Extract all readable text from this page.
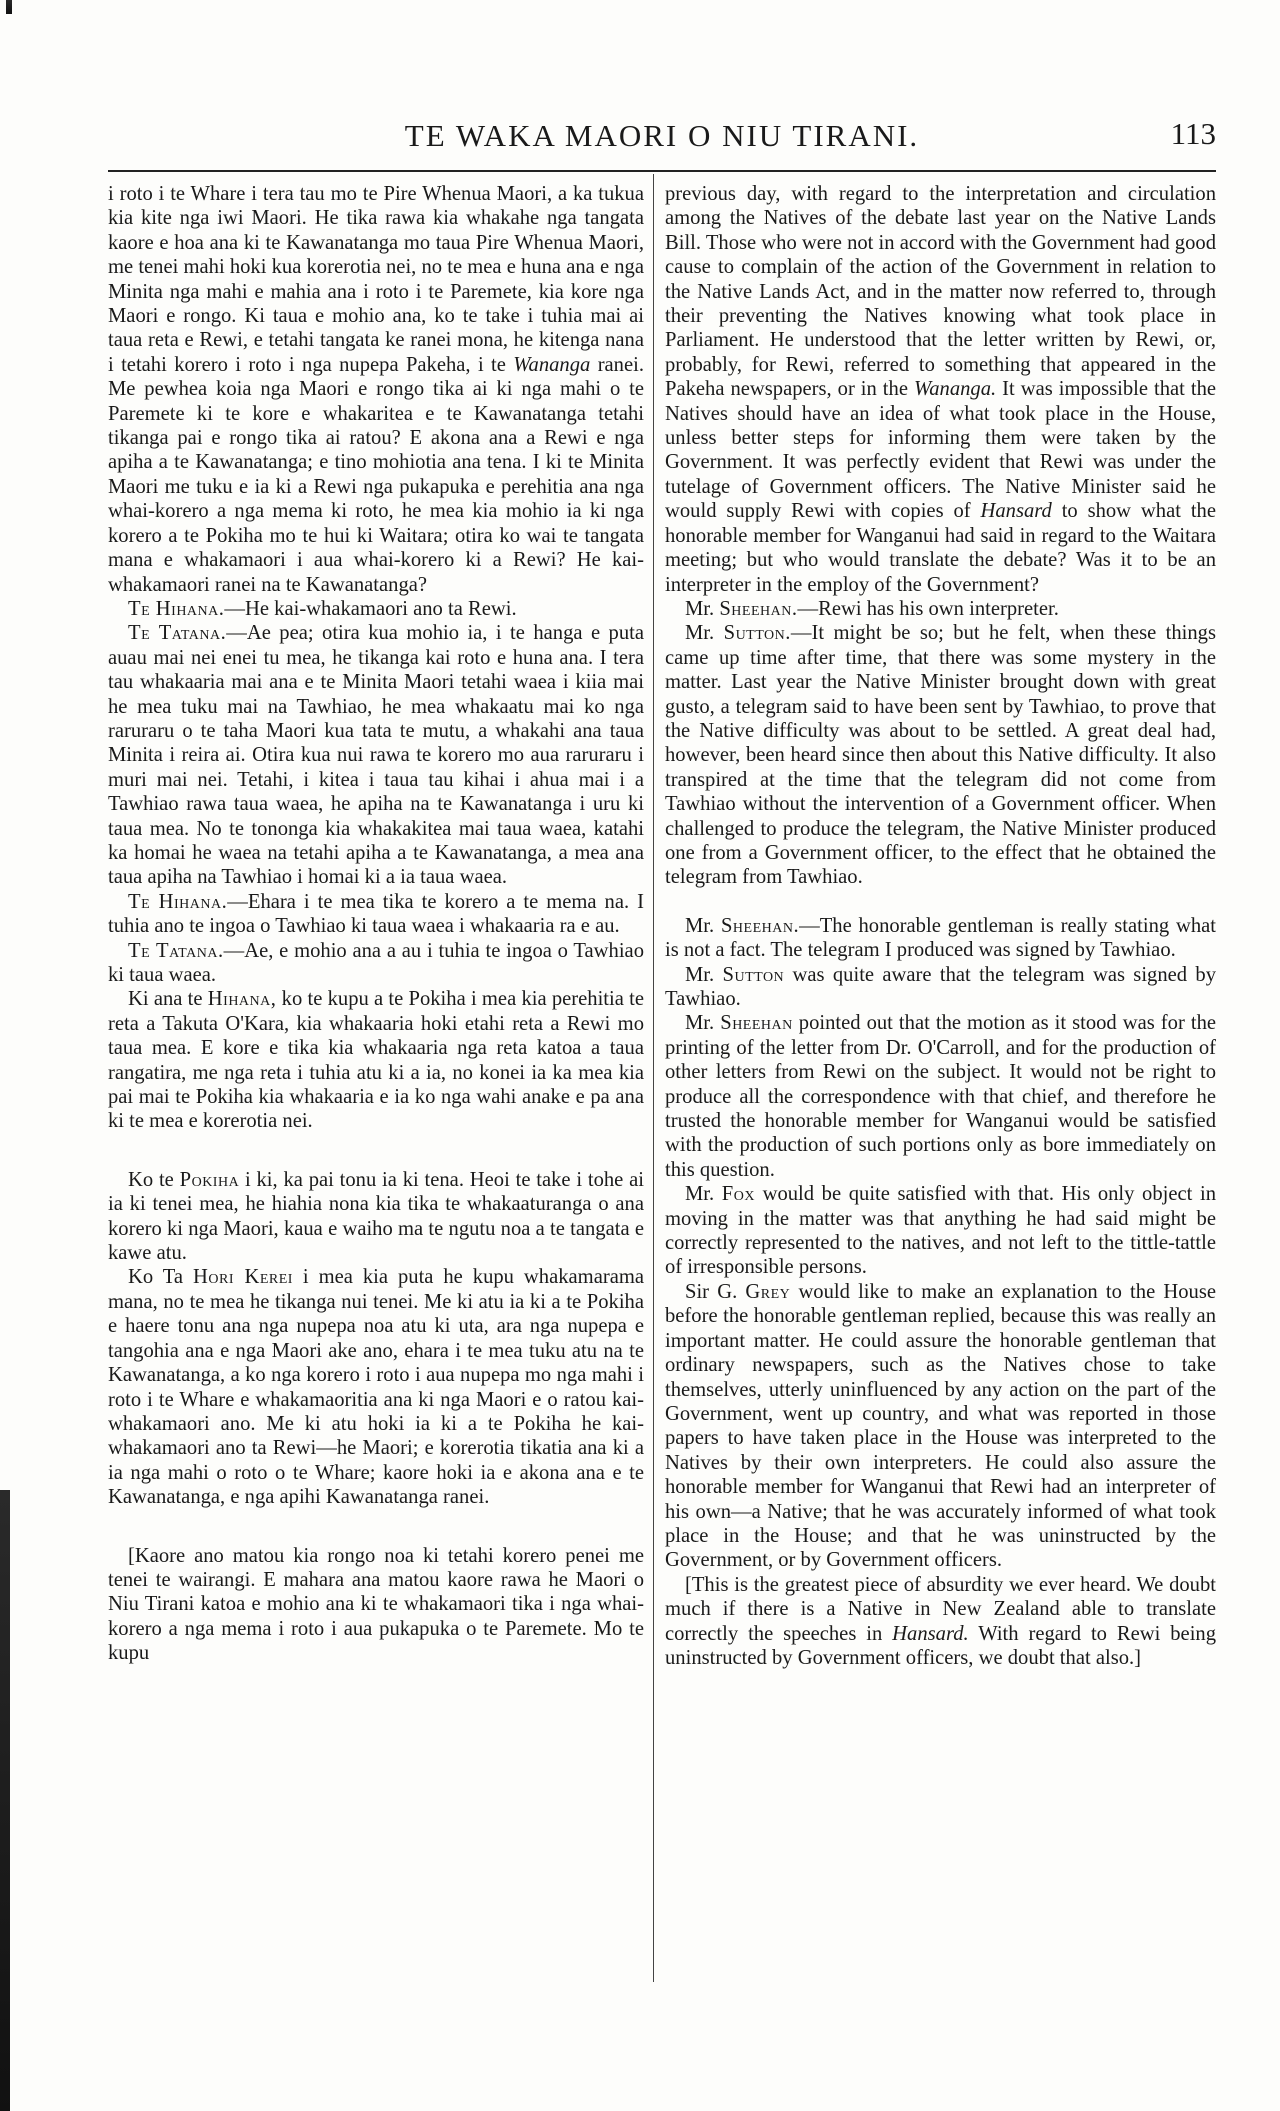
TE WAKA MAORI O NIU TIRANI.	113

i roto i te Whare i tera tau mo te Pire Whenua Maori, a ka tukua kia kite nga iwi Maori. He tika rawa kia whakahe nga tangata kaore e hoa ana ki te Kawanatanga mo taua Pire Whenua Maori, me tenei mahi hoki kua korerotia nei, no te mea e huna ana e nga Minita nga mahi e mahia ana i roto i te Paremete, kia kore nga Maori e rongo. Ki taua e mohio ana, ko te take i tuhia mai ai taua reta e Rewi, e tetahi tangata ke ranei mona, he kitenga nana i tetahi korero i roto i nga nupepa Pakeha, i te Wananga ranei. Me pewhea koia nga Maori e rongo tika ai ki nga mahi o te Paremete ki te kore e whakaritea e te Kawanatanga tetahi tikanga pai e rongo tika ai ratou? E akona ana a Rewi e nga apiha a te Kawanatanga; e tino mohiotia ana tena. I ki te Minita Maori me tuku e ia ki a Rewi nga pukapuka e perehitia ana nga whai-korero a nga mema ki roto, he mea kia mohio ia ki nga korero a te Pokiha mo te hui ki Waitara; otira ko wai te tangata mana e whakamaori i aua whai-korero ki a Rewi? He kai-whakamaori ranei na te Kawanatanga?

Te Hihana.—He kai-whakamaori ano ta Rewi.

Te Tatana.—Ae pea; otira kua mohio ia, i te hanga e puta auau mai nei enei tu mea, he tikanga kai roto e huna ana. I tera tau whakaaria mai ana e te Minita Maori tetahi waea i kiia mai he mea tuku mai na Tawhiao, he mea whakaatu mai ko nga raruraru o te taha Maori kua tata te mutu, a whakahi ana taua Minita i reira ai. Otira kua nui rawa te korero mo aua raruraru i muri mai nei. Tetahi, i kitea i taua tau kihai i ahua mai i a Tawhiao rawa taua waea, he apiha na te Kawanatanga i uru ki taua mea. No te tononga kia whakakitea mai taua waea, katahi ka homai he waea na tetahi apiha a te Kawanatanga, a mea ana taua apiha na Tawhiao i homai ki a ia taua waea.

Te Hihana.—Ehara i te mea tika te korero a te mema na. I tuhia ano te ingoa o Tawhiao ki taua waea i whakaaria ra e au.

Te Tatana.—Ae, e mohio ana a au i tuhia te ingoa o Tawhiao ki taua waea.

Ki ana te Hihana, ko te kupu a te Pokiha i mea kia perehitia te reta a Takuta O'Kara, kia whakaaria hoki etahi reta a Rewi mo taua mea. E kore e tika kia whakaaria nga reta katoa a taua rangatira, me nga reta i tuhia atu ki a ia, no konei ia ka mea kia pai mai te Pokiha kia whakaaria e ia ko nga wahi anake e pa ana ki te mea e korerotia nei.

Ko te Pokiha i ki, ka pai tonu ia ki tena. Heoi te take i tohe ai ia ki tenei mea, he hiahia nona kia tika te whakaaturanga o ana korero ki nga Maori, kaua e waiho ma te ngutu noa a te tangata e kawe atu.

Ko Ta Hori Kerei i mea kia puta he kupu whakamarama mana, no te mea he tikanga nui tenei. Me ki atu ia ki a te Pokiha e haere tonu ana nga nupepa noa atu ki uta, ara nga nupepa e tangohia ana e nga Maori ake ano, ehara i te mea tuku atu na te Kawanatanga, a ko nga korero i roto i aua nupepa mo nga mahi i roto i te Whare e whakamaoritia ana ki nga Maori e o ratou kai-whakamaori ano. Me ki atu hoki ia ki a te Pokiha he kai-whakamaori ano ta Rewi—he Maori; e korerotia tikatia ana ki a ia nga mahi o roto o te Whare; kaore hoki ia e akona ana e te Kawanatanga, e nga apihi Kawanatanga ranei.

[Kaore ano matou kia rongo noa ki tetahi korero penei me tenei te wairangi. E mahara ana matou kaore rawa he Maori o Niu Tirani katoa e mohio ana ki te whakamaori tika i nga whai-korero a nga mema i roto i aua pukapuka o te Paremete. Mo te kupu

previous day, with regard to the interpretation and circulation among the Natives of the debate last year on the Native Lands Bill. Those who were not in accord with the Government had good cause to complain of the action of the Government in relation to the Native Lands Act, and in the matter now referred to, through their preventing the Natives knowing what took place in Parliament. He understood that the letter written by Rewi, or, probably, for Rewi, referred to something that appeared in the Pakeha newspapers, or in the Wananga. It was impossible that the Natives should have an idea of what took place in the House, unless better steps for informing them were taken by the Government. It was perfectly evident that Rewi was under the tutelage of Government officers. The Native Minister said he would supply Rewi with copies of Hansard to show what the honorable member for Wanganui had said in regard to the Waitara meeting; but who would translate the debate? Was it to be an interpreter in the employ of the Government?

Mr. Sheehan.—Rewi has his own interpreter.

Mr. Sutton.—It might be so; but he felt, when these things came up time after time, that there was some mystery in the matter. Last year the Native Minister brought down with great gusto, a telegram said to have been sent by Tawhiao, to prove that the Native difficulty was about to be settled. A great deal had, however, been heard since then about this Native difficulty. It also transpired at the time that the telegram did not come from Tawhiao without the intervention of a Government officer. When challenged to produce the telegram, the Native Minister produced one from a Government officer, to the effect that he obtained the telegram from Tawhiao.

Mr. Sheehan.—The honorable gentleman is really stating what is not a fact. The telegram I produced was signed by Tawhiao.

Mr. Sutton was quite aware that the telegram was signed by Tawhiao.

Mr. Sheehan pointed out that the motion as it stood was for the printing of the letter from Dr. O'Carroll, and for the production of other letters from Rewi on the subject. It would not be right to produce all the correspondence with that chief, and therefore he trusted the honorable member for Wanganui would be satisfied with the production of such portions only as bore immediately on this question.

Mr. Fox would be quite satisfied with that. His only object in moving in the matter was that anything he had said might be correctly represented to the natives, and not left to the tittle-tattle of irresponsible persons.

Sir G. Grey would like to make an explanation to the House before the honorable gentleman replied, because this was really an important matter. He could assure the honorable gentleman that ordinary newspapers, such as the Natives chose to take themselves, utterly uninfluenced by any action on the part of the Government, went up country, and what was reported in those papers to have taken place in the House was interpreted to the Natives by their own interpreters. He could also assure the honorable member for Wanganui that Rewi had an interpreter of his own—a Native; that he was accurately informed of what took place in the House; and that he was uninstructed by the Government, or by Government officers.

[This is the greatest piece of absurdity we ever heard. We doubt much if there is a Native in New Zealand able to translate correctly the speeches in Hansard. With regard to Rewi being uninstructed by Government officers, we doubt that also.]
